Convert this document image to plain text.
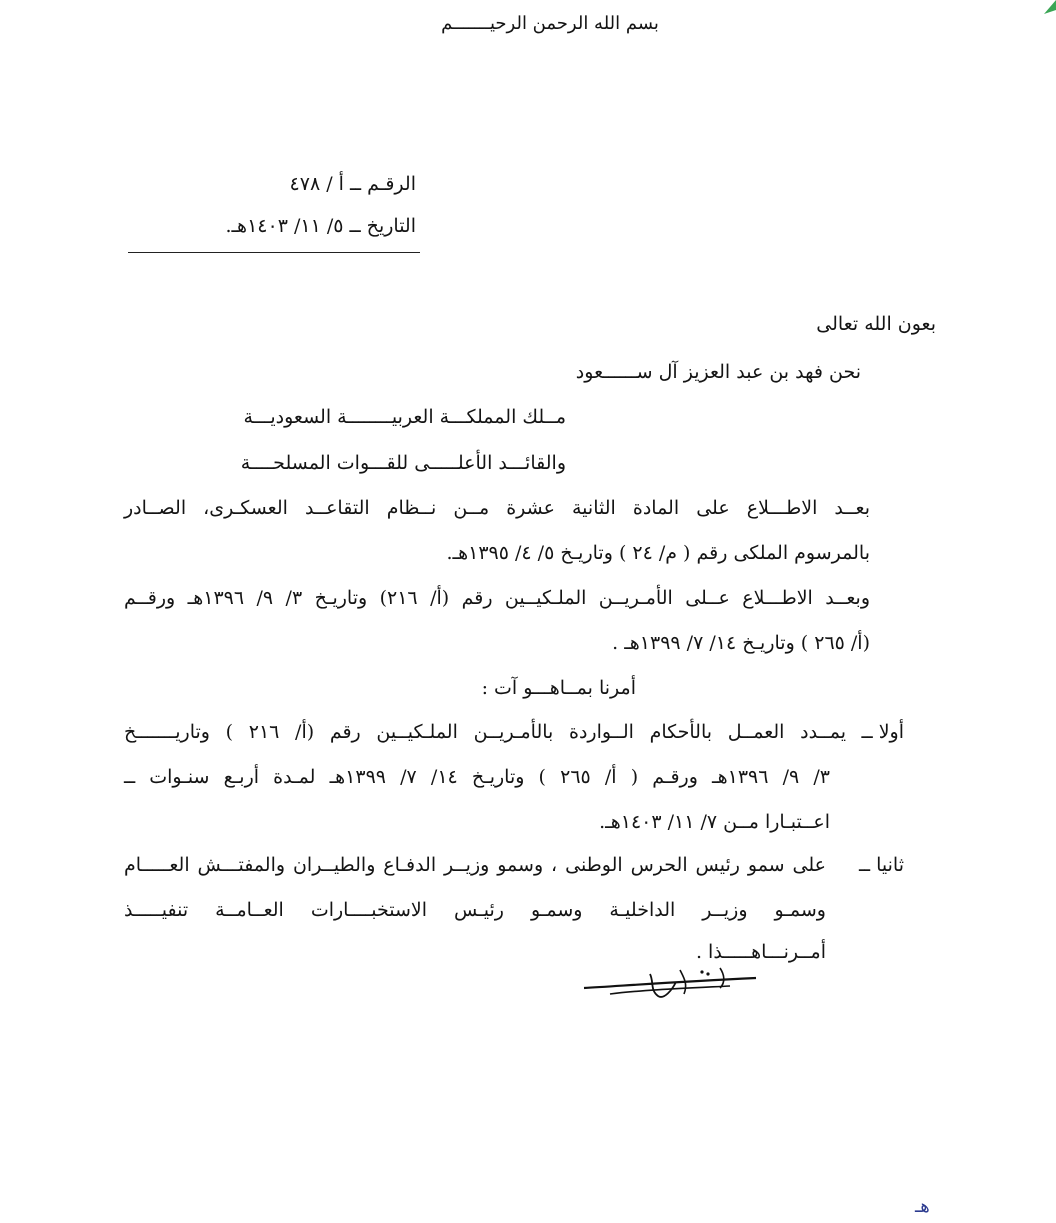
بسم الله الرحمن الرحيـــــــم
الرقـم ــ أ / ٤٧٨
التاريخ ــ ٥/ ١١/ ١٤٠٣هـ.
بعون الله تعالى
نحن فهد بن عبد العزيز آل ســــــعود
مــلك المملكـــة العربيــــــــة السعوديـــة
والقائـــد الأعلـــــى للقـــوات المسلحــــة
بعــد الاطـــلاع على المادة الثانية عشرة مــن نــظام التقاعــد العسكـرى، الصــادر
بالمرسوم الملكى رقم ( م/ ٢٤ ) وتاريـخ ٥/ ٤/ ١٣٩٥هـ.
وبعــد الاطـــلاع عــلى الأمـريــن الملـكيــين رقم (أ/ ٢١٦) وتاريـخ ٣/ ٩/ ١٣٩٦هـ ورقــم
(أ/ ٢٦٥ ) وتاريـخ ١٤/ ٧/ ١٣٩٩هـ .
أمرنا بمــاهـــو آت :
أولا ــ
يمــدد العمــل بالأحكام الــواردة بالأمـريــن الملـكيــين رقم (أ/ ٢١٦ ) وتاريـــــــخ
٣/ ٩/ ١٣٩٦هـ ورقـم ( أ/ ٢٦٥ ) وتاريـخ ١٤/ ٧/ ١٣٩٩هـ لمـدة أربـع سنـوات ــ
اعــتبـارا مــن ٧/ ١١/ ١٤٠٣هـ.
ثانيا ــ
على سمو رئيس الحرس الوطنى ، وسمو وزيــر الدفـاع والطيــران والمفتـــش العـــــام
وسمـو وزيــر الداخليـة وسمـو رئيـس الاستخبــــارات العــامــة تنفيـــــذ
أمــرنـــاهـــــذا .
هـ
